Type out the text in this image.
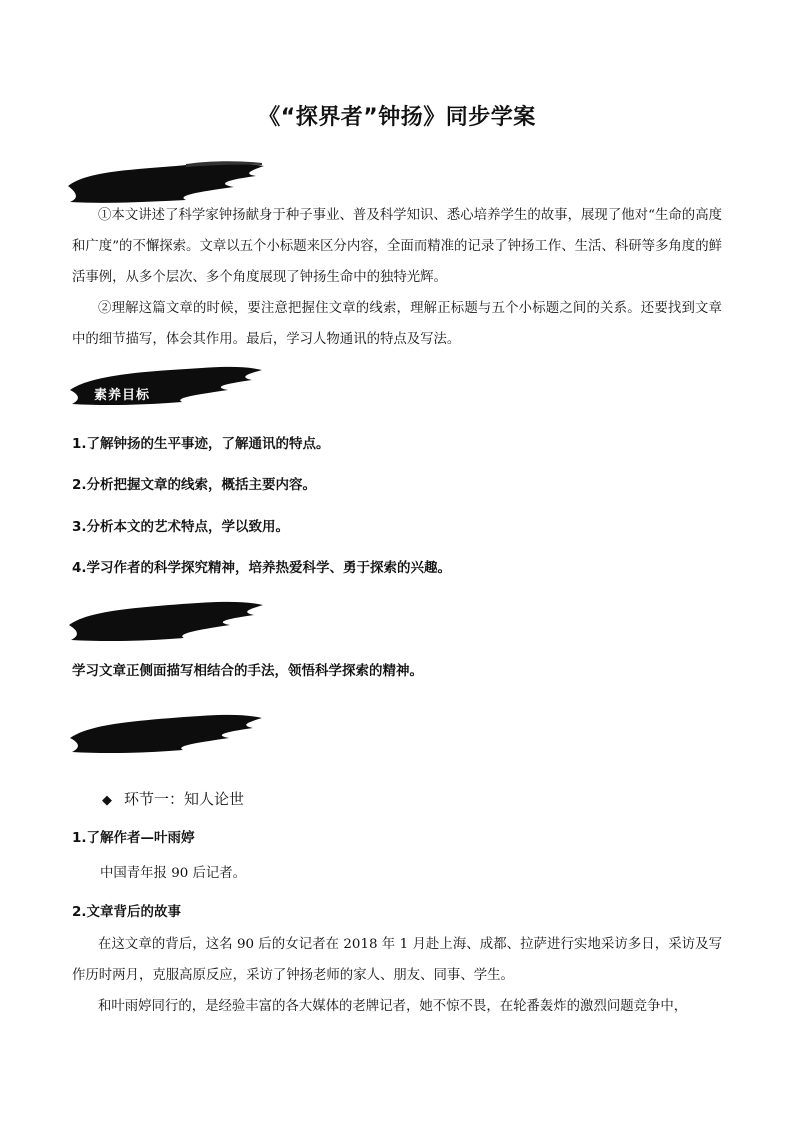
《“探界者”钟扬》同步学案
①本文讲述了科学家钟扬献身于种子事业、普及科学知识、悉心培养学生的故事，展现了他对“生命的高度和广度”的不懈探索。文章以五个小标题来区分内容，全面而精准的记录了钟扬工作、生活、科研等多角度的鲜活事例，从多个层次、多个角度展现了钟扬生命中的独特光辉。
②理解这篇文章的时候，要注意把握住文章的线索，理解正标题与五个小标题之间的关系。还要找到文章中的细节描写，体会其作用。最后，学习人物通讯的特点及写法。
素养目标
1.了解钟扬的生平事迹，了解通讯的特点。
2.分析把握文章的线索，概括主要内容。
3.分析本文的艺术特点，学以致用。
4.学习作者的科学探究精神，培养热爱科学、勇于探索的兴趣。
学习文章正侧面描写相结合的手法，领悟科学探索的精神。
◆ 环节一：知人论世
1.了解作者—叶雨婷
中国青年报 90 后记者。
2.文章背后的故事
在这文章的背后，这名 90 后的女记者在 2018 年 1 月赴上海、成都、拉萨进行实地采访多日，采访及写作历时两月，克服高原反应，采访了钟扬老师的家人、朋友、同事、学生。
和叶雨婷同行的，是经验丰富的各大媒体的老牌记者，她不惊不畏，在轮番轰炸的激烈问题竞争中，
